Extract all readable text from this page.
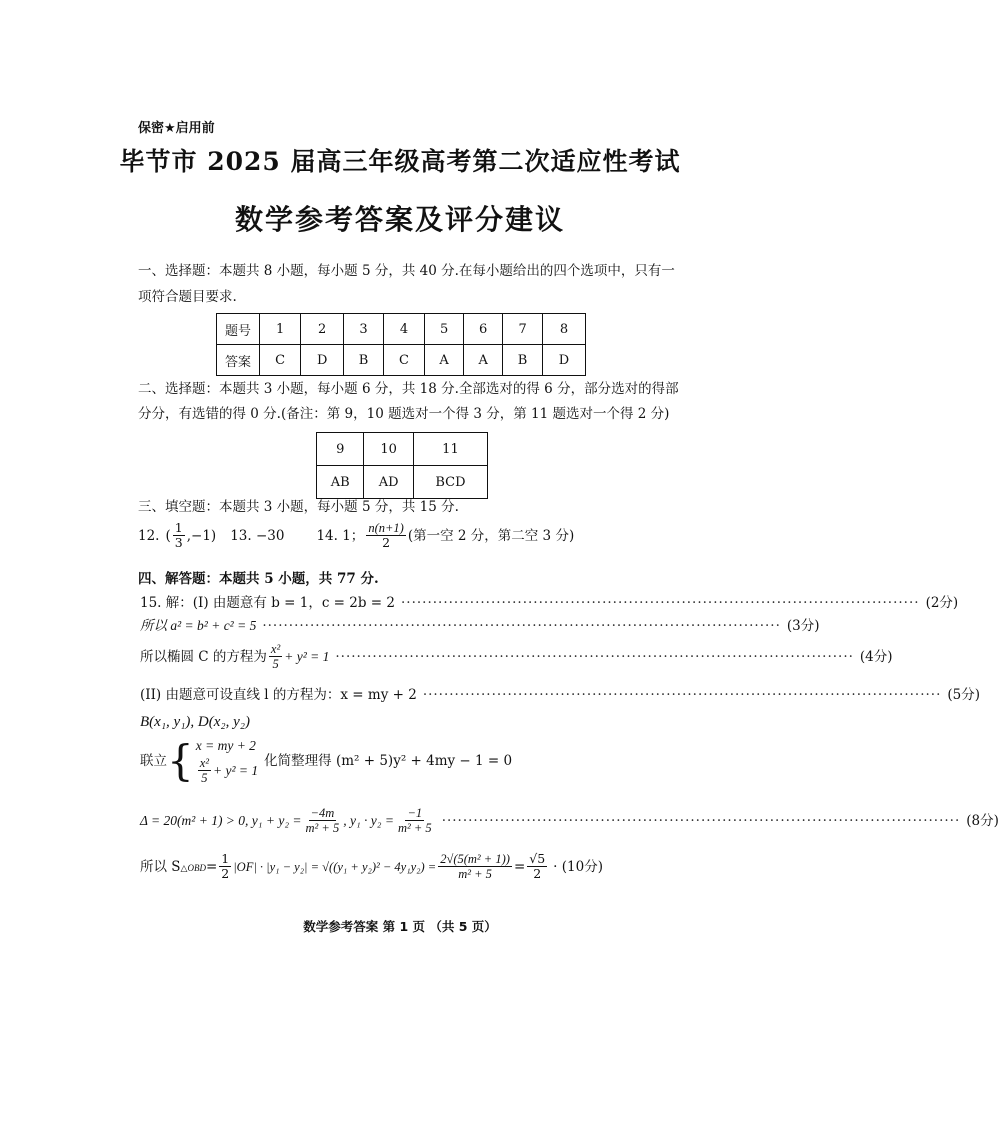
保密★启用前
毕节市 2025 届高三年级高考第二次适应性考试
数学参考答案及评分建议
一、选择题：本题共 8 小题，每小题 5 分，共 40 分.在每小题给出的四个选项中，只有一
项符合题目要求.
题号	1	2	3	4	5	6	7	8
答案	C	D	B	C	A	A	B	D
二、选择题：本题共 3 小题，每小题 6 分，共 18 分.全部选对的得 6 分，部分选对的得部
分分，有选错的得 0 分.(备注：第 9，10 题选对一个得 3 分，第 11 题选对一个得 2 分)
9	10	11
AB	AD	BCD
三、填空题：本题共 3 小题，每小题 5 分，共 15 分.
12. ( $\frac{1}{3} ,-1$) 13. −30 14. 1； $\frac{n(n+1)}{2}$ (第一空 2 分，第二空 3 分)
四、解答题：本题共 5 小题，共 77 分.
15. 解：(I) 由题意有 b = 1，c = 2b = 2 ·································································································· (2分)
所以 a² = b² + c² = 5 ·································································································· (3分)
所以椭圆 C 的方程为 $\frac{\text{x²}}{5} + y^2 = 1$ ·································································································· (4分)
(II) 由题意可设直线 l 的方程为：x = my + 2 ·································································································· (5分)
B(x₁, y₁), D(x₂, y₂)
联立 { x = my + 2
$\frac{\text{x²}}{5} + y^2 = 1$
化简整理得 (m² + 5)y² + 4my − 1 = 0
Δ = 20(m² + 1) > 0, $y_1 + y_2 = \frac{-4m}{\text{m² + 5}}$ , $y_1 \cdot y_2 = \frac{-1}{\text{m² + 5}}$ ·································································································· (8分)
所以 S △OBD = $\frac{1}{2} |OF| \cdot |y_1 - y_2| = √((y_1 + y_2)^2 - 4y_1y_2) = \frac{\text{2√(5(m² + 1))}}{\text{m² + 5}} = \frac{√5}{2} \cdot (10$分)
数学参考答案 第 1 页 （共 5 页）
